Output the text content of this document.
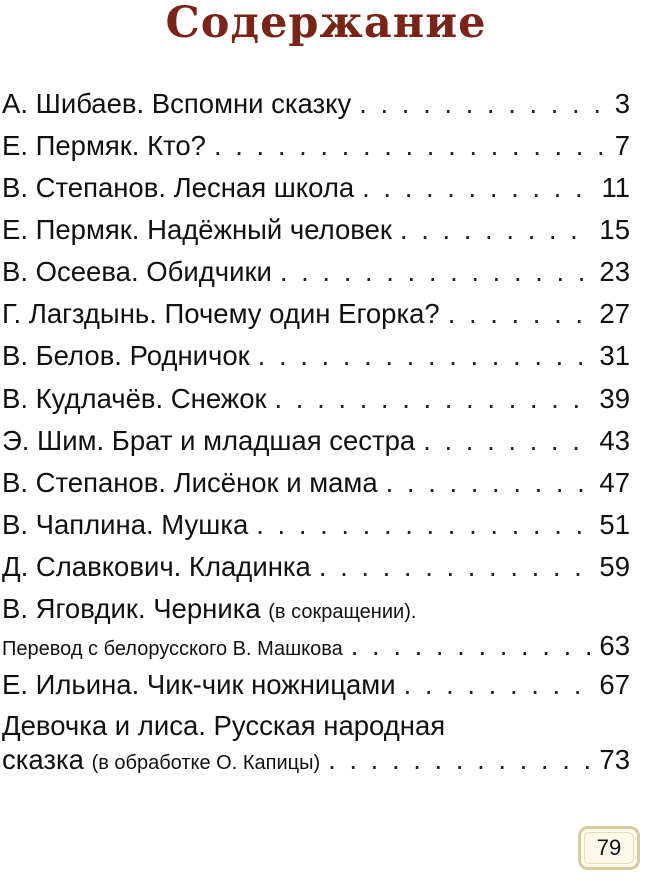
Содержание
А. Шибаев. Вспомни сказку . . .	3
Е. Пермяк. Кто? . . .	7
В. Степанов. Лесная школа . . .	11
Е. Пермяк. Надёжный человек . . .	15
В. Осеева. Обидчики . . .	23
Г. Лагздынь. Почему один Егорка? . . .	27
В. Белов. Родничок . . .	31
В. Кудлачёв. Снежок . . .	39
Э. Шим. Брат и младшая сестра . . .	43
В. Степанов. Лисёнок и мама . . .	47
В. Чаплина. Мушка . . .	51
Д. Славкович. Кладинка . . .	59
В. Яговдик. Черника (в сокращении).
Перевод с белорусского В. Машкова . . .	63
Е. Ильина. Чик-чик ножницами . . .	67
Девочка и лиса. Русская народная
сказка (в обработке О. Капицы) . . .	73
79
